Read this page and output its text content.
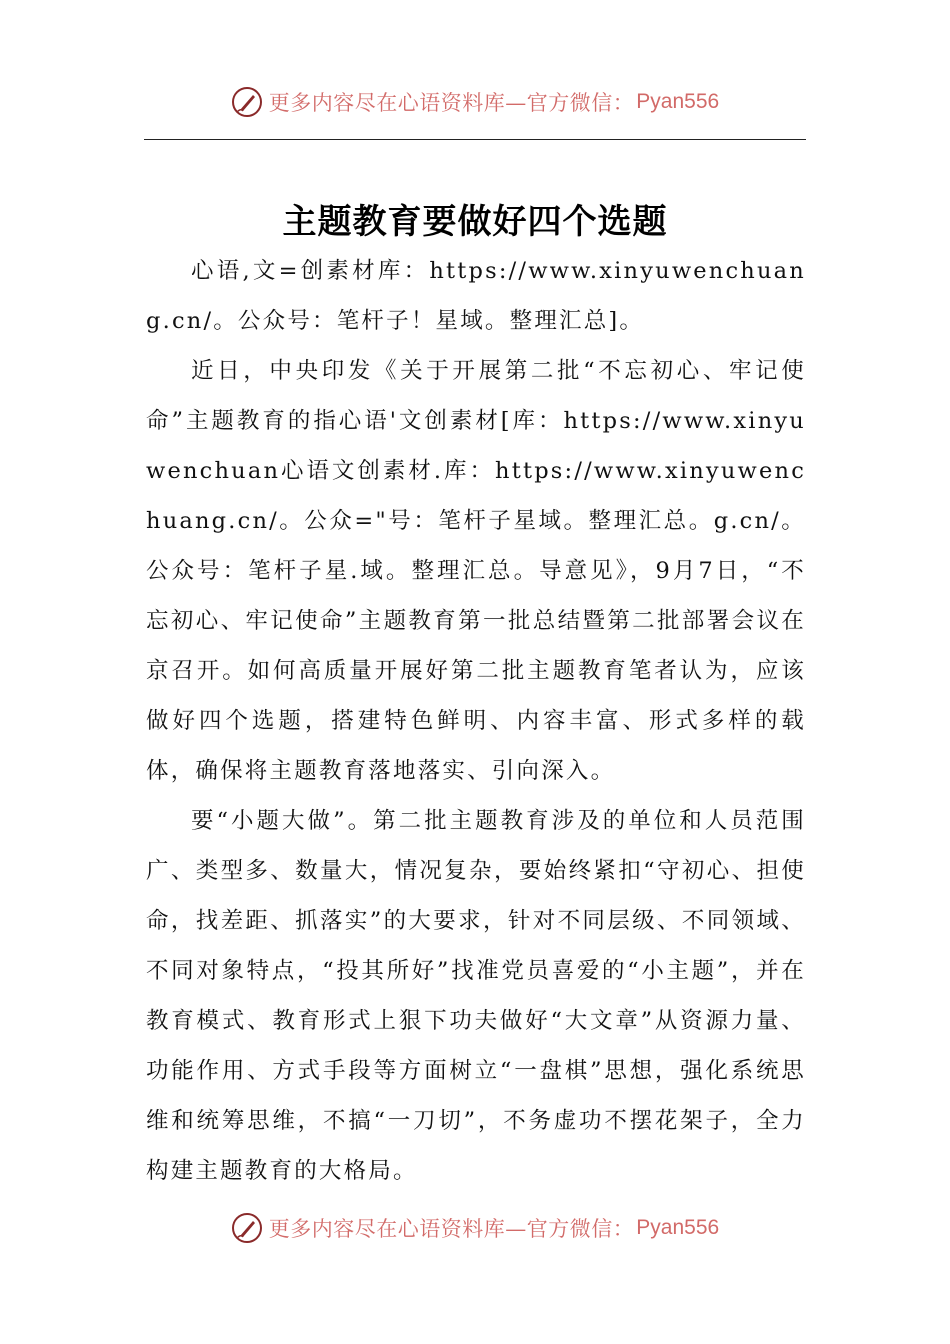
更多内容尽在心语资料库—官方微信： Pyan556
主题教育要做好四个选题

心语,文=创素材库：https://www.xinyuwenchuang.cn/。公众号：笔杆子！星域。整理汇总]。

近日，中央印发《关于开展第二批“不忘初心、牢记使命”主题教育的指心语'文创素材[库：https://www.xinyuwenchuan心语文创素材.库：https://www.xinyuwenchuang.cn/。公众="号：笔杆子星域。整理汇总。g.cn/。公众号：笔杆子星.域。整理汇总。导意见》，9月7日，“不忘初心、牢记使命”主题教育第一批总结暨第二批部署会议在京召开。如何高质量开展好第二批主题教育笔者认为，应该做好四个选题，搭建特色鲜明、内容丰富、形式多样的载体，确保将主题教育落地落实、引向深入。

要“小题大做”。第二批主题教育涉及的单位和人员范围广、类型多、数量大，情况复杂，要始终紧扣“守初心、担使命，找差距、抓落实”的大要求，针对不同层级、不同领域、不同对象特点，“投其所好”找准党员喜爱的“小主题”，并在教育模式、教育形式上狠下功夫做好“大文章”从资源力量、功能作用、方式手段等方面树立“一盘棋”思想，强化系统思维和统筹思维，不搞“一刀切”，不务虚功不摆花架子，全力构建主题教育的大格局。

更多内容尽在心语资料库—官方微信： Pyan556
